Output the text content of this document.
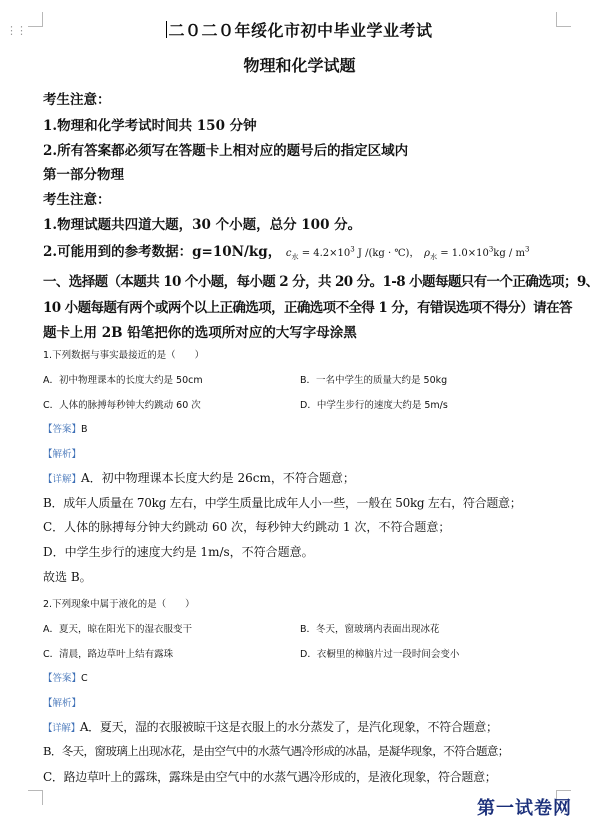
⋮⋮	二０二０年绥化市初中毕业学业考试
物理和化学试题
考生注意：
1.物理和化学考试时间共 150 分钟
2.所有答案都必须写在答题卡上相对应的题号后的指定区域内
第一部分物理
考生注意：
1.物理试题共四道大题，30 个小题，总分 100 分。
2.可能用到的参考数据：g=10N/kg， $c_水 = 4.2\times 10^3$ J /(kg · ℃)， $\rho_水 = 1.0\times 10^3kg / m^3$
一、选择题（本题共 10 个小题，每小题 2 分，共 20 分。1-8 小题每题只有一个正确选项；9、
10 小题每题有两个或两个以上正确选项，正确选项不全得 1 分，有错误选项不得分）请在答
题卡上用 2B 铅笔把你的选项所对应的大写字母涂黑
1.下列数据与事实最接近的是（　　）
A．初中物理课本的长度大约是 50cm	B．一名中学生的质量大约是 50kg
C．人体的脉搏每秒钟大约跳动 60 次	D．中学生步行的速度大约是 5m/s
【答案】B
【解析】
【详解】A．初中物理课本长度大约是 26cm，不符合题意；
B．成年人质量在 70kg 左右，中学生质量比成年人小一些，一般在 50kg 左右，符合题意；
C．人体的脉搏每分钟大约跳动 60 次，每秒钟大约跳动 1 次，不符合题意；
D．中学生步行的速度大约是 1m/s，不符合题意。
故选 B。
2.下列现象中属于液化的是（　　）
A．夏天，晾在阳光下的湿衣服变干	B．冬天，窗玻璃内表面出现冰花
C．清晨，路边草叶上结有露珠	D．衣橱里的樟脑片过一段时间会变小
【答案】C
【解析】
【详解】A．夏天，湿的衣服被晾干这是衣服上的水分蒸发了，是汽化现象，不符合题意；
B．冬天，窗玻璃上出现冰花，是由空气中的水蒸气遇冷形成的冰晶，是凝华现象，不符合题意；
C．路边草叶上的露珠，露珠是由空气中的水蒸气遇冷形成的，是液化现象，符合题意；
第一试卷网
